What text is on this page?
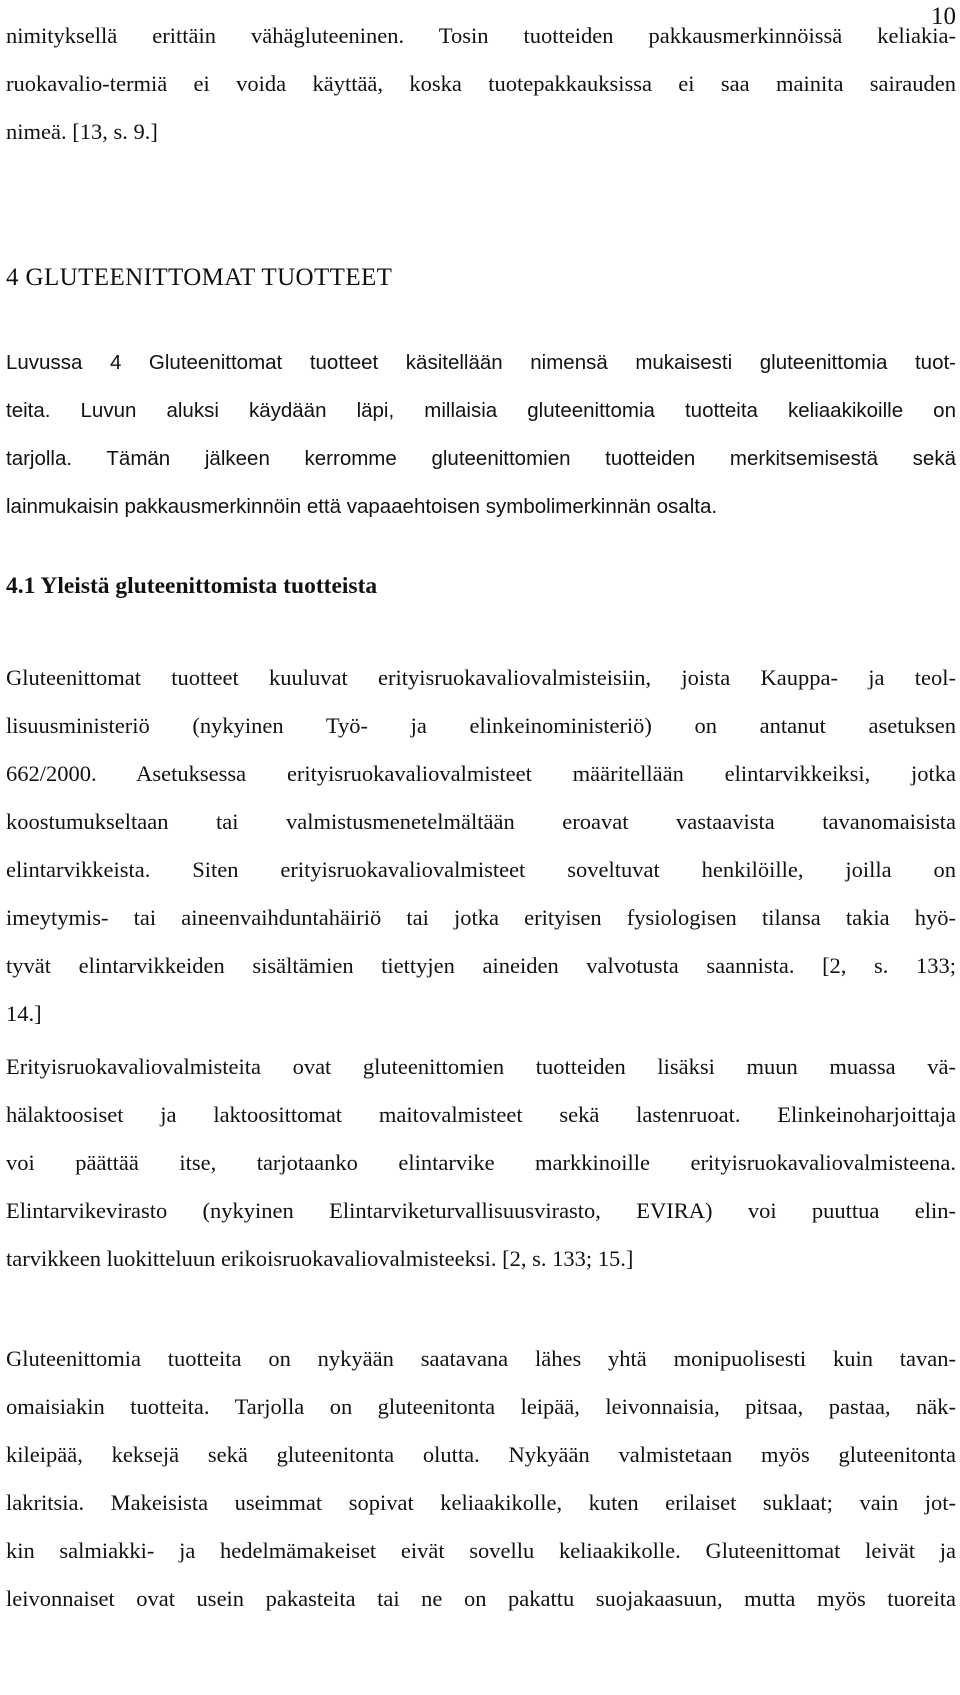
10
nimityksellä erittäin vähägluteeninen. Tosin tuotteiden pakkausmerkinnöissä keliakia-
ruokavalio-termiä ei voida käyttää, koska tuotepakkauksissa ei saa mainita sairauden
nimeä. [13, s. 9.]
4 GLUTEENITTOMAT TUOTTEET
Luvussa 4 Gluteenittomat tuotteet käsitellään nimensä mukaisesti gluteenittomia tuot-
teita. Luvun aluksi käydään läpi, millaisia gluteenittomia tuotteita keliaakikoille on
tarjolla. Tämän jälkeen kerromme gluteenittomien tuotteiden merkitsemisestä sekä
lainmukaisin pakkausmerkinnöin että vapaaehtoisen symbolimerkinnän osalta.
4.1 Yleistä gluteenittomista tuotteista
Gluteenittomat tuotteet kuuluvat erityisruokavaliovalmisteisiin, joista Kauppa- ja teol-
lisuusministeriö (nykyinen Työ- ja elinkeinoministeriö) on antanut asetuksen
662/2000. Asetuksessa erityisruokavaliovalmisteet määritellään elintarvikkeiksi, jotka
koostumukseltaan tai valmistusmenetelmältään eroavat vastaavista tavanomaisista
elintarvikkeista. Siten erityisruokavaliovalmisteet soveltuvat henkilöille, joilla on
imeytymis- tai aineenvaihduntahäiriö tai jotka erityisen fysiologisen tilansa takia hyö-
tyvät elintarvikkeiden sisältämien tiettyjen aineiden valvotusta saannista. [2, s. 133;
14.]
Erityisruokavaliovalmisteita ovat gluteenittomien tuotteiden lisäksi muun muassa vä-
hälaktoosiset ja laktoosittomat maitovalmisteet sekä lastenruoat. Elinkeinoharjoittaja
voi päättää itse, tarjotaanko elintarvike markkinoille erityisruokavaliovalmisteena.
Elintarvikevirasto (nykyinen Elintarviketurvallisuusvirasto, EVIRA) voi puuttua elin-
tarvikkeen luokitteluun erikoisruokavaliovalmisteeksi. [2, s. 133; 15.]
Gluteenittomia tuotteita on nykyään saatavana lähes yhtä monipuolisesti kuin tavan-
omaisiakin tuotteita. Tarjolla on gluteenitonta leipää, leivonnaisia, pitsaa, pastaa, näk-
kileipää, keksejä sekä gluteenitonta olutta. Nykyään valmistetaan myös gluteenitonta
lakritsia. Makeisista useimmat sopivat keliaakikolle, kuten erilaiset suklaat; vain jot-
kin salmiakki- ja hedelmämakeiset eivät sovellu keliaakikolle. Gluteenittomat leivät ja
leivonnaiset ovat usein pakasteita tai ne on pakattu suojakaasuun, mutta myös tuoreita
